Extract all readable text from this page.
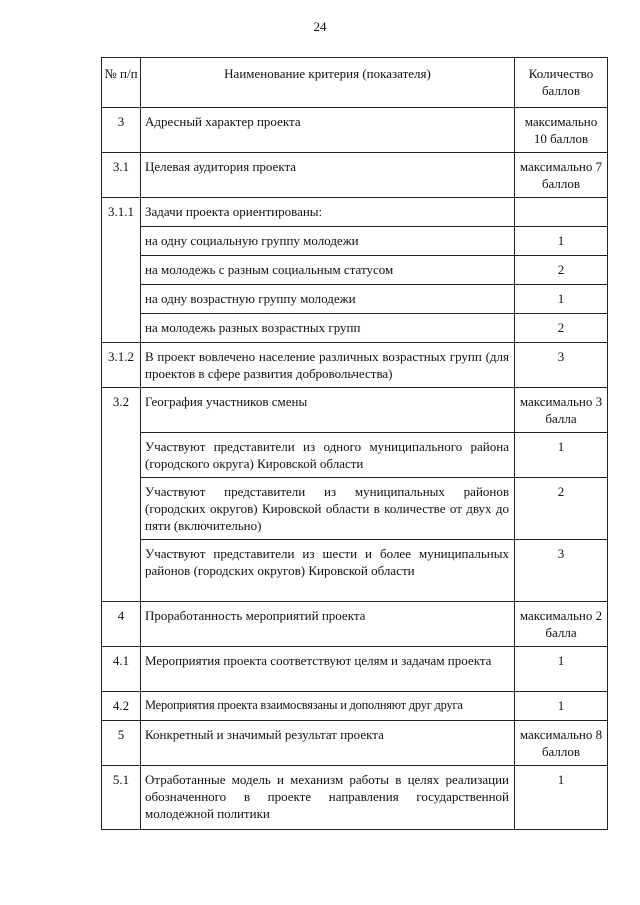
24
№ п/п	Наименование критерия (показателя)	Количество баллов
3	Адресный характер проекта	максимально 10 баллов
3.1	Целевая аудитория проекта	максимально 7 баллов
3.1.1	Задачи проекта ориентированы:	
	на одну социальную группу молодежи	1
	на молодежь с разным социальным статусом	2
	на одну возрастную группу молодежи	1
	на молодежь разных возрастных групп	2
3.1.2	В проект вовлечено население различных возрастных групп (для проектов в сфере развития добровольчества)	3
3.2	География участников смены	максимально 3 балла
	Участвуют представители из одного муниципального района (городского округа) Кировской области	1
	Участвуют представители из муниципальных районов (городских округов) Кировской области в количестве от двух до пяти (включительно)	2
	Участвуют представители из шести и более муниципальных районов (городских округов) Кировской области	3
4	Проработанность мероприятий проекта	максимально 2 балла
4.1	Мероприятия проекта соответствуют целям и задачам проекта	1
4.2	Мероприятия проекта взаимосвязаны и дополняют друг друга	1
5	Конкретный и значимый результат проекта	максимально 8 баллов
5.1	Отработанные модель и механизм работы в целях реализации обозначенного в проекте направления государственной молодежной политики	1
